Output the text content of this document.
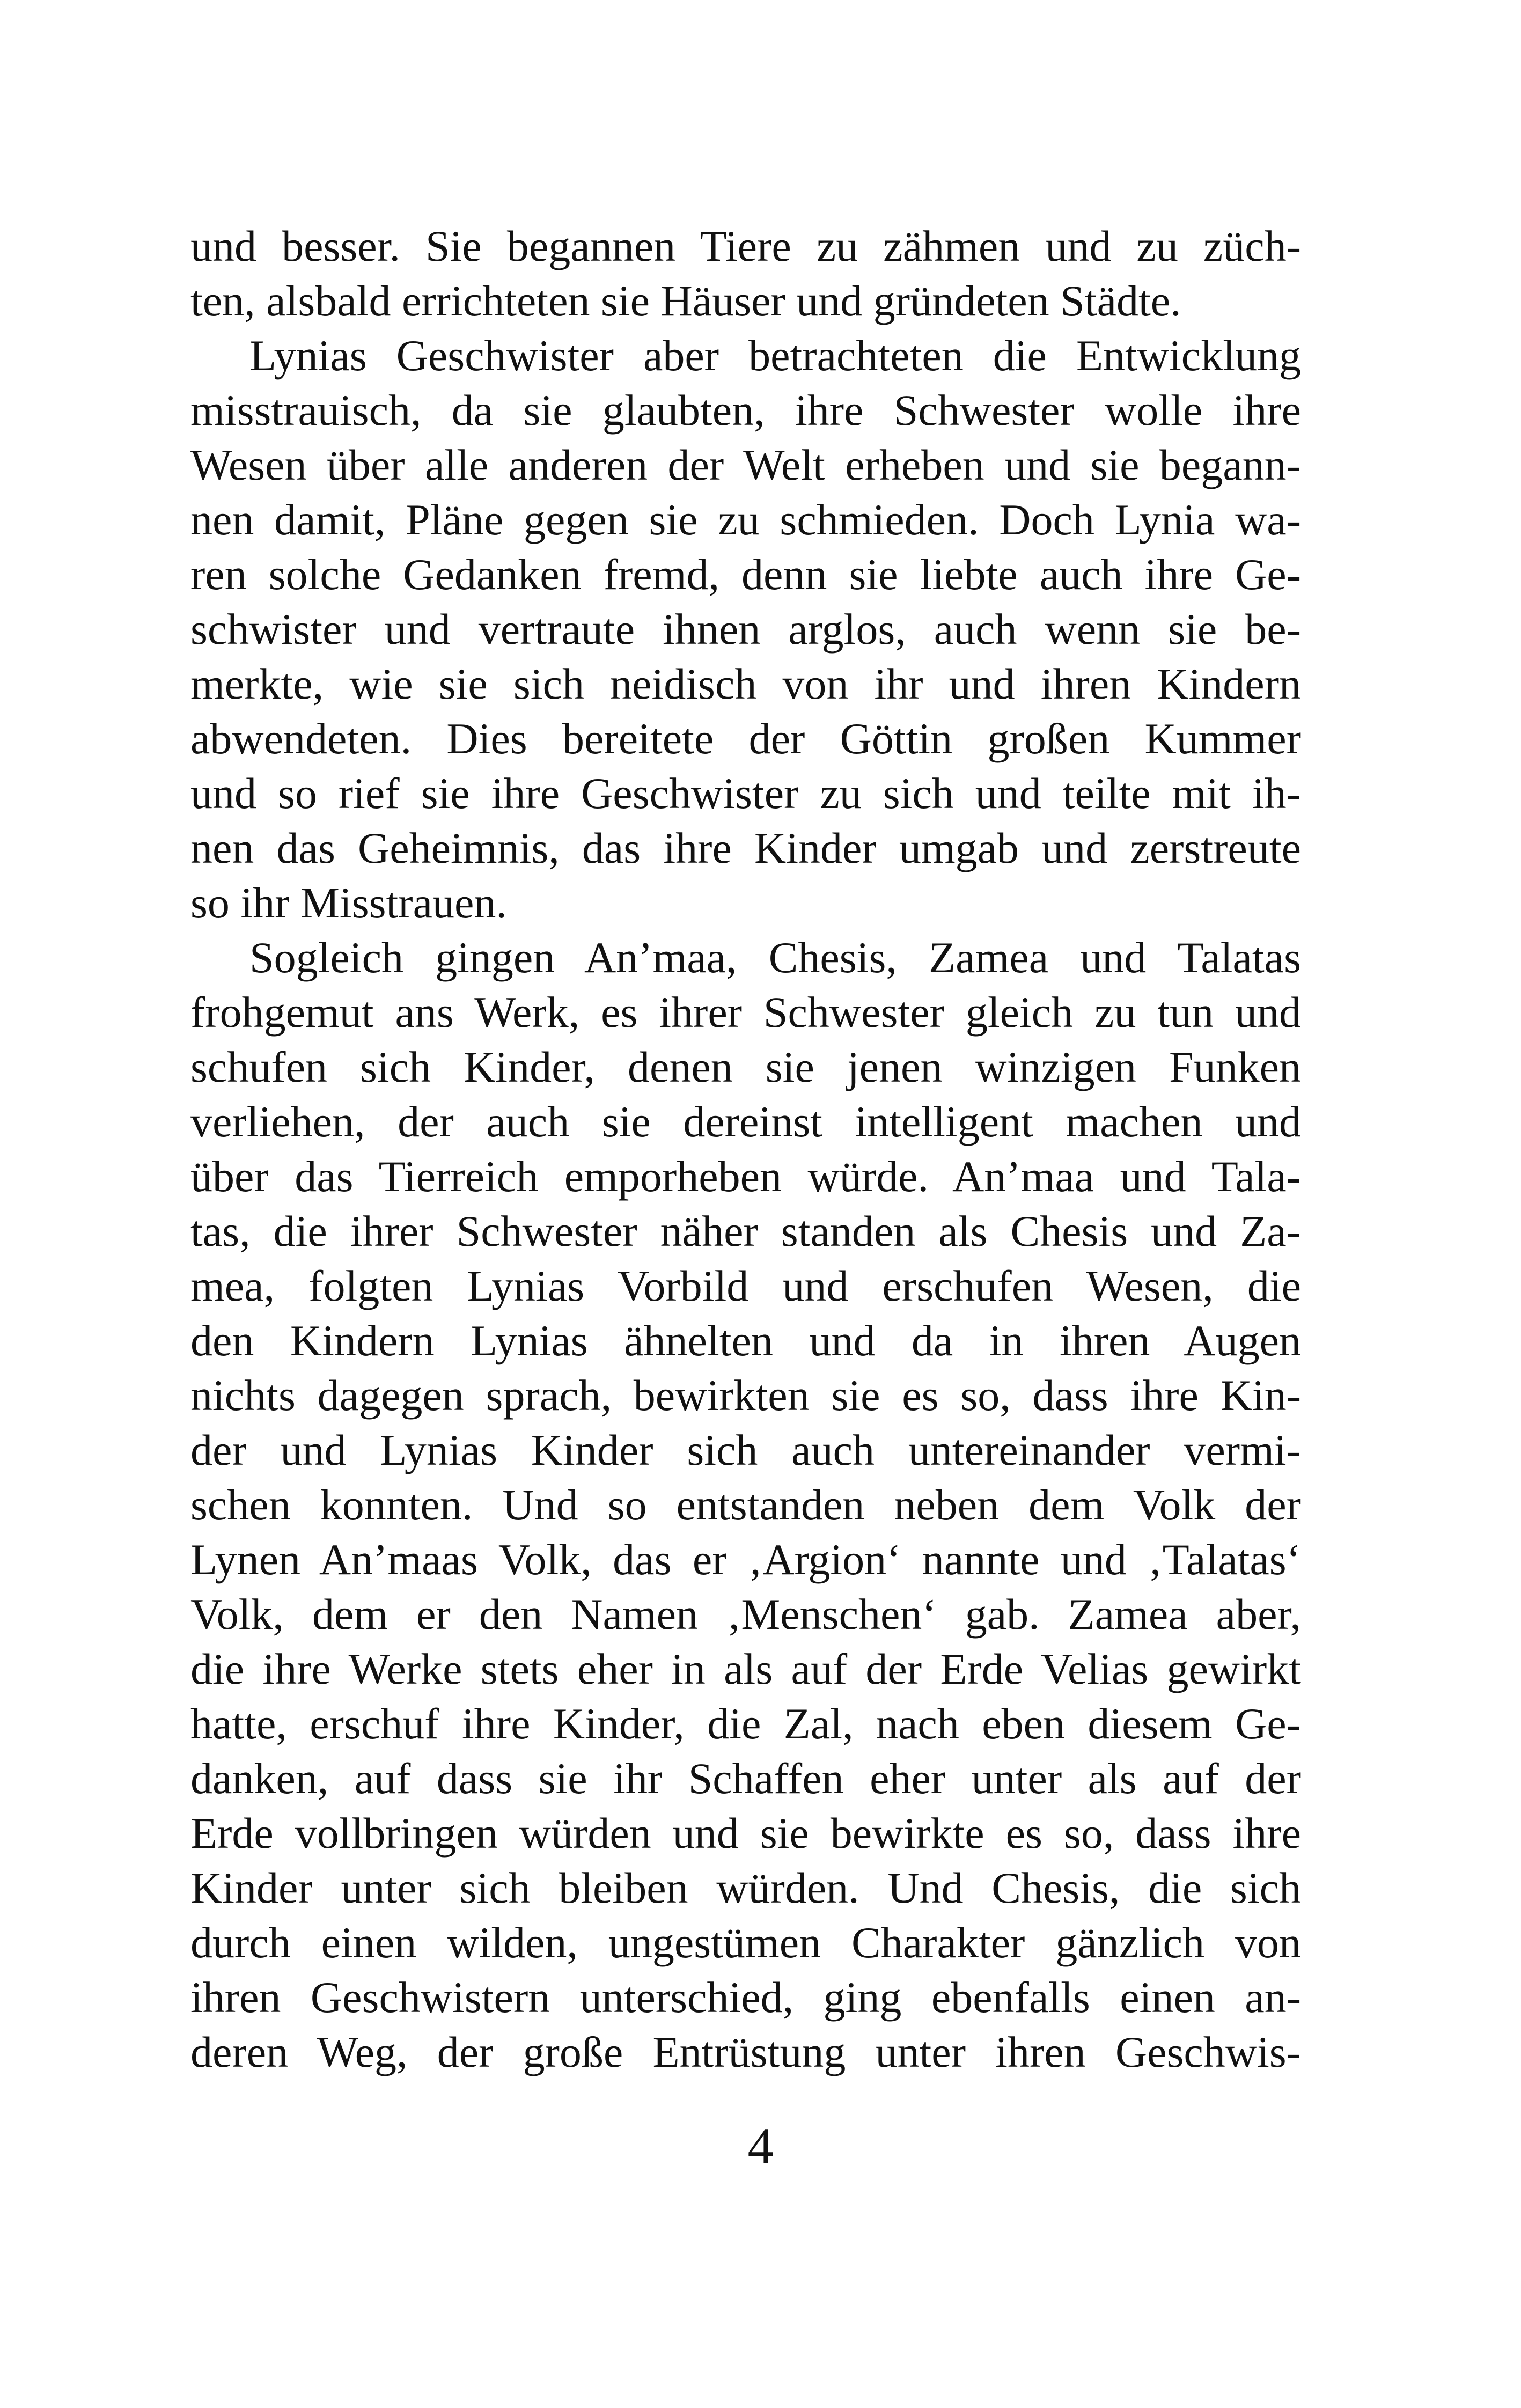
und besser. Sie begannen Tiere zu zähmen und zu züch-
ten, alsbald errichteten sie Häuser und gründeten Städte.
Lynias Geschwister aber betrachteten die Entwicklung
misstrauisch, da sie glaubten, ihre Schwester wolle ihre
Wesen über alle anderen der Welt erheben und sie begann-
nen damit, Pläne gegen sie zu schmieden. Doch Lynia wa-
ren solche Gedanken fremd, denn sie liebte auch ihre Ge-
schwister und vertraute ihnen arglos, auch wenn sie be-
merkte, wie sie sich neidisch von ihr und ihren Kindern
abwendeten. Dies bereitete der Göttin großen Kummer
und so rief sie ihre Geschwister zu sich und teilte mit ih-
nen das Geheimnis, das ihre Kinder umgab und zerstreute
so ihr Misstrauen.
Sogleich gingen An’maa, Chesis, Zamea und Talatas
frohgemut ans Werk, es ihrer Schwester gleich zu tun und
schufen sich Kinder, denen sie jenen winzigen Funken
verliehen, der auch sie dereinst intelligent machen und
über das Tierreich emporheben würde. An’maa und Tala-
tas, die ihrer Schwester näher standen als Chesis und Za-
mea, folgten Lynias Vorbild und erschufen Wesen, die
den Kindern Lynias ähnelten und da in ihren Augen
nichts dagegen sprach, bewirkten sie es so, dass ihre Kin-
der und Lynias Kinder sich auch untereinander vermi-
schen konnten. Und so entstanden neben dem Volk der
Lynen An’maas Volk, das er ‚Argion‘ nannte und ‚Talatas‘
Volk, dem er den Namen ‚Menschen‘ gab. Zamea aber,
die ihre Werke stets eher in als auf der Erde Velias gewirkt
hatte, erschuf ihre Kinder, die Zal, nach eben diesem Ge-
danken, auf dass sie ihr Schaffen eher unter als auf der
Erde vollbringen würden und sie bewirkte es so, dass ihre
Kinder unter sich bleiben würden. Und Chesis, die sich
durch einen wilden, ungestümen Charakter gänzlich von
ihren Geschwistern unterschied, ging ebenfalls einen an-
deren Weg, der große Entrüstung unter ihren Geschwis-
4
